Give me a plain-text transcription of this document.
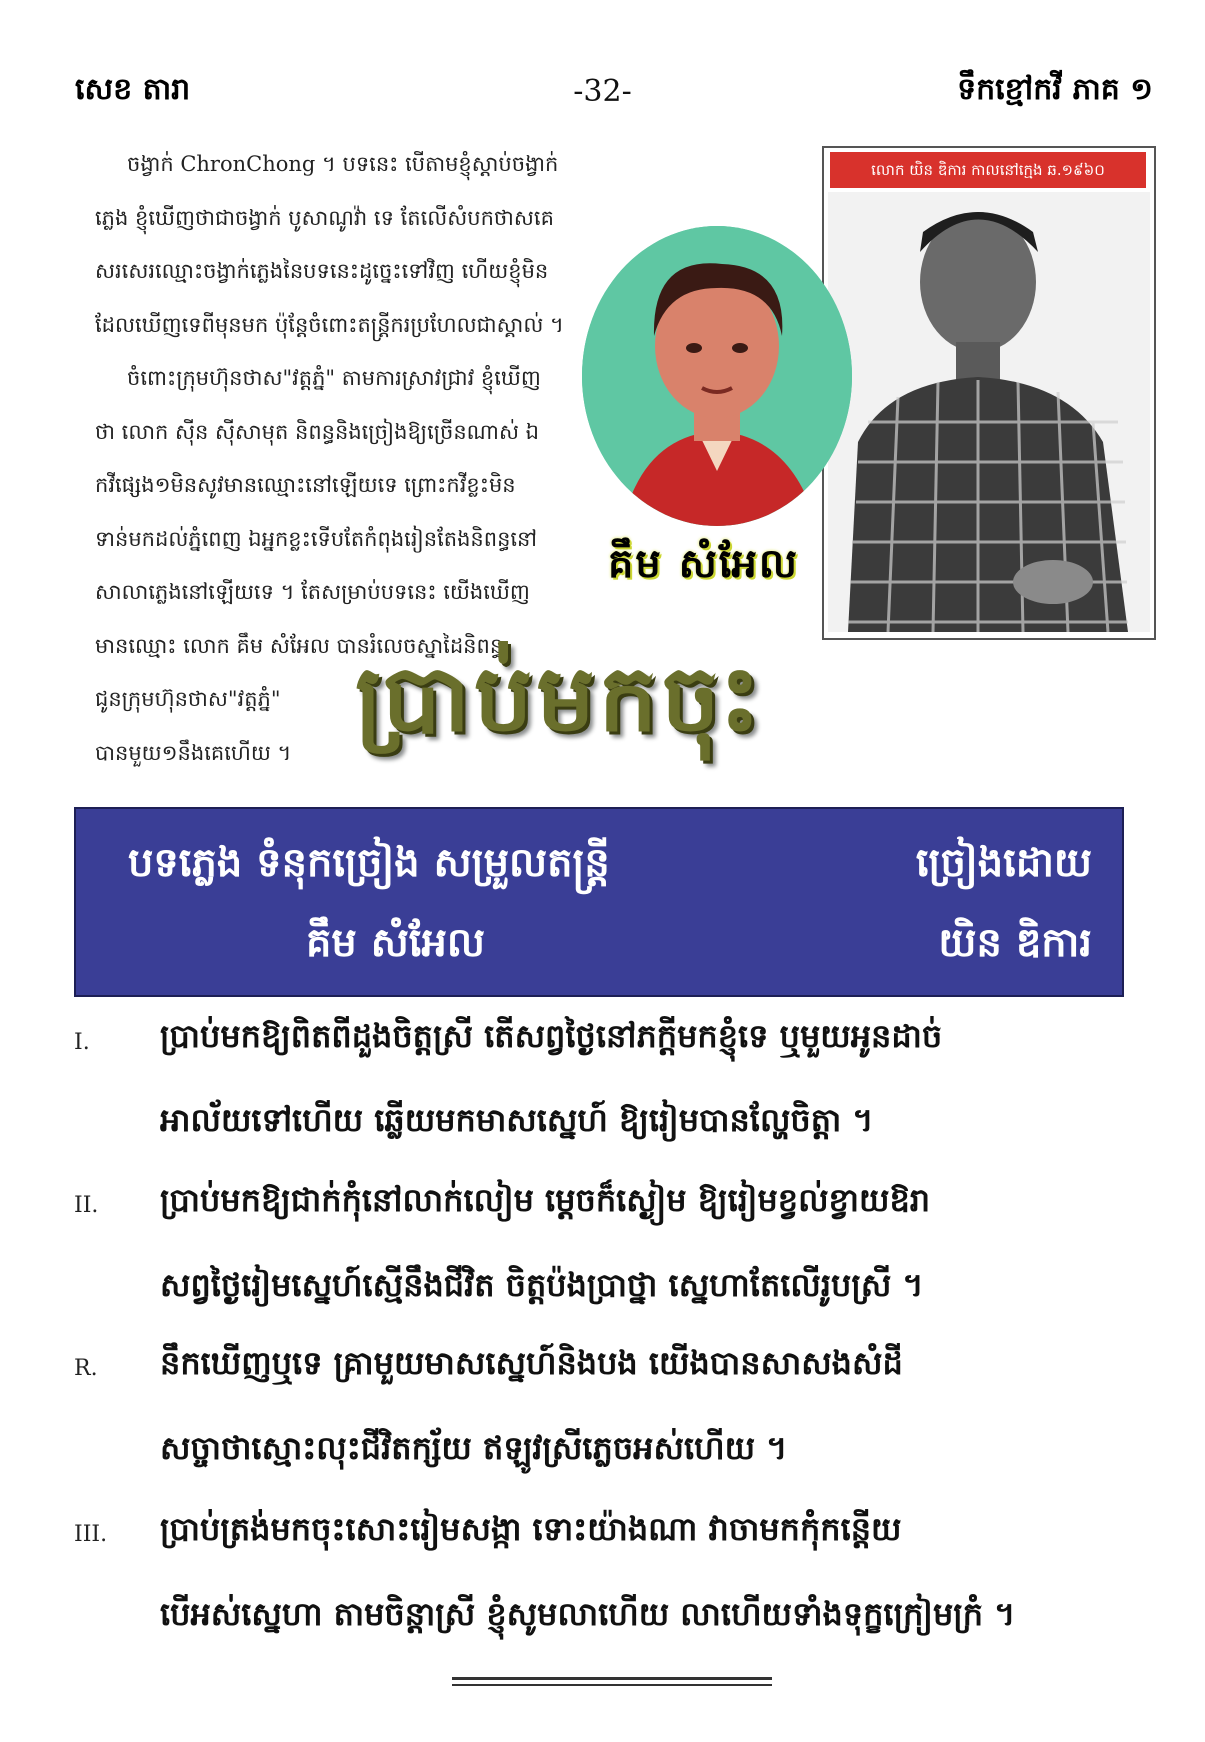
សេខ តារា	-32-	ទឹកខ្មៅកវី ភាគ ១

ចង្វាក់ ChronChong ។ បទនេះ បើតាមខ្ញុំស្តាប់ចង្វាក់

ភ្លេង ខ្ញុំឃើញថាជាចង្វាក់ បូសាណូវ៉ា ទេ តែលើសំបកថាសគេ

សរសេរឈ្មោះចង្វាក់ភ្លេងនៃបទនេះដូច្នេះទៅវិញ ហើយខ្ញុំមិន

ដែលឃើញទេពីមុនមក ប៉ុន្តែចំពោះតន្ត្រីករប្រហែលជាស្គាល់ ។

ចំពោះក្រុមហ៊ុនថាស"វត្តភ្នំ" តាមការស្រាវជ្រាវ ខ្ញុំឃើញ

ថា លោក ស៊ីន ស៊ីសាមុត និពន្ធនិងច្រៀងឱ្យច្រើនណាស់ ឯ

កវីផ្សេង១មិនសូវមានឈ្មោះនៅឡើយទេ ព្រោះកវីខ្លះមិន

ទាន់មកដល់ភ្នំពេញ ឯអ្នកខ្លះទើបតែកំពុងរៀនតែងនិពន្ធនៅ

សាលាភ្លេងនៅឡើយទេ ។ តែសម្រាប់បទនេះ យើងឃើញ

មានឈ្មោះ លោក គឹម សំអែល បានរំលេចស្នាដៃនិពន្ធ

ជូនក្រុមហ៊ុនថាស"វត្តភ្នំ"

បានមួយ១នឹងគេហើយ ។

លោក យិន ឌិការ កាលនៅក្មេង ឆ.១៩៦០
គឹម សំអែល
ប្រាប់មកចុះ
បទភ្លេង ទំនុកច្រៀង សម្រួលតន្ត្រី	ច្រៀងដោយ
គឹម សំអែល	យិន ឌិការ
I. ប្រាប់មកឱ្យពិតពីដួងចិត្តស្រី តើសព្វថ្ងៃនៅភក្តីមកខ្ញុំទេ ឬមួយអូនដាច់
អាល័យទៅហើយ ឆ្លើយមកមាសស្នេហ៍ ឱ្យរៀមបានល្ហែចិត្តា ។
II. ប្រាប់មកឱ្យជាក់កុំនៅលាក់លៀម ម្តេចក៏ស្ងៀម ឱ្យរៀមខ្វល់ខ្វាយឱរា
សព្វថ្ងៃរៀមស្នេហ៍ស្មើនឹងជីវិត ចិត្តប៉ងប្រាថ្នា ស្នេហាតែលើរូបស្រី ។
R. នឹកឃើញឬទេ គ្រាមួយមាសស្នេហ៍និងបង យើងបានសាសងសំដី
សច្ចាថាស្មោះលុះជីវិតក្ស័យ ឥឡូវស្រីភ្លេចអស់ហើយ ។
III. ប្រាប់ត្រង់មកចុះសោះរៀមសង្កា ទោះយ៉ាងណា វាចាមកកុំកន្តើយ
បើអស់ស្នេហា តាមចិន្តាស្រី ខ្ញុំសូមលាហើយ លាហើយទាំងទុក្ខក្រៀមក្រំ ។
